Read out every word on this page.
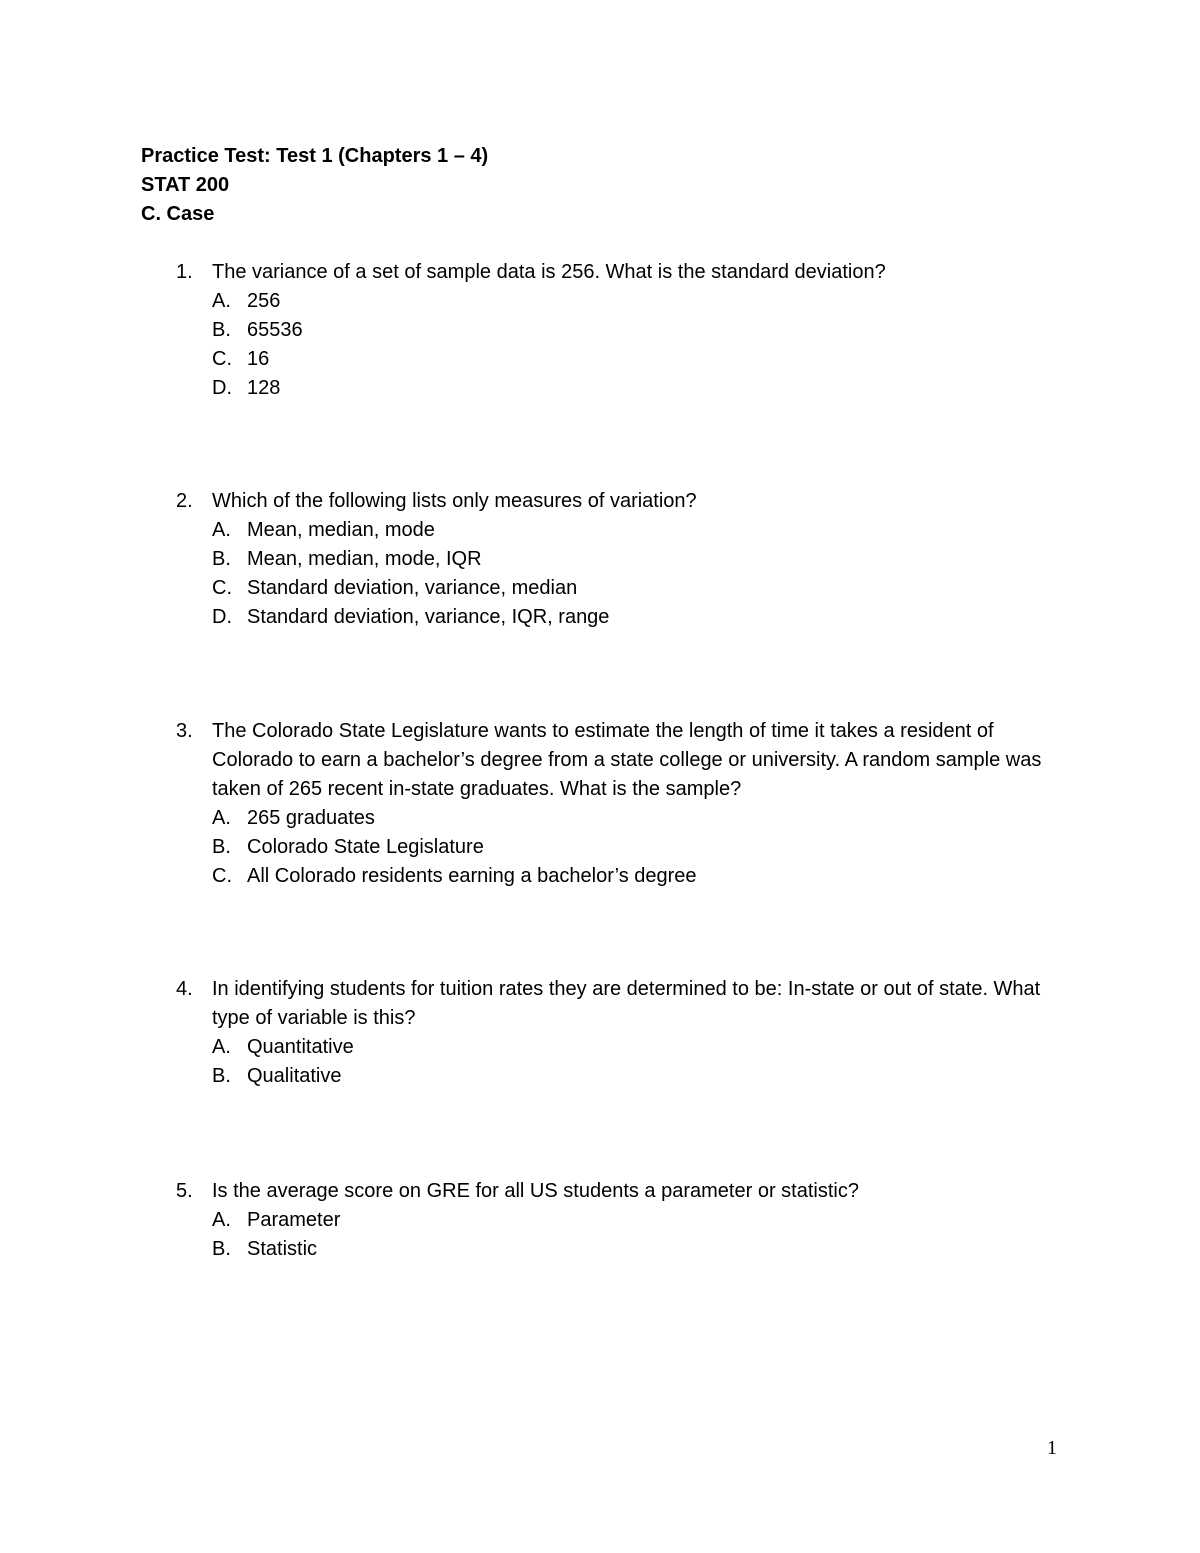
Practice Test: Test 1 (Chapters 1 – 4)
STAT 200
C. Case
1. The variance of a set of sample data is 256. What is the standard deviation?
A. 256
B. 65536
C. 16
D. 128
2. Which of the following lists only measures of variation?
A. Mean, median, mode
B. Mean, median, mode, IQR
C. Standard deviation, variance, median
D. Standard deviation, variance, IQR, range
3. The Colorado State Legislature wants to estimate the length of time it takes a resident of Colorado to earn a bachelor’s degree from a state college or university. A random sample was taken of 265 recent in-state graduates. What is the sample?
A. 265 graduates
B. Colorado State Legislature
C. All Colorado residents earning a bachelor’s degree
4. In identifying students for tuition rates they are determined to be: In-state or out of state. What type of variable is this?
A. Quantitative
B. Qualitative
5. Is the average score on GRE for all US students a parameter or statistic?
A. Parameter
B. Statistic
1
